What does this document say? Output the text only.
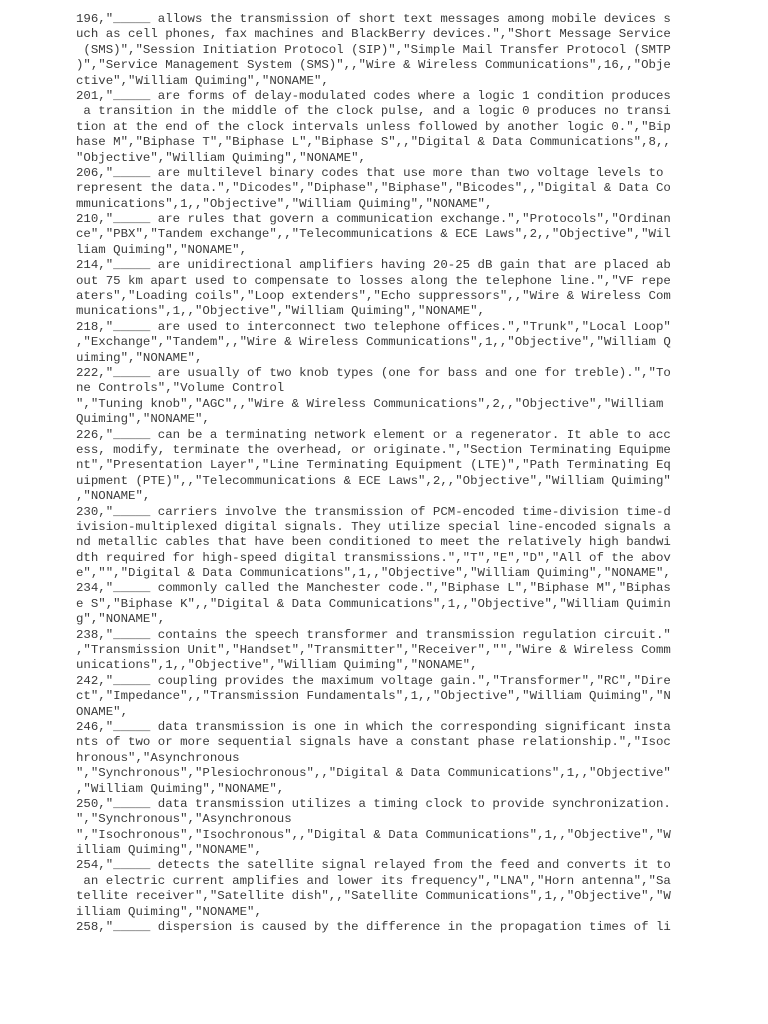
196,"_____ allows the transmission of short text messages among mobile devices s
uch as cell phones, fax machines and BlackBerry devices.","Short Message Service
(SMS)","Session Initiation Protocol (SIP)","Simple Mail Transfer Protocol (SMTP
)","Service Management System (SMS)",,"Wire & Wireless Communications",16,,"Obje
ctive","William Quiming","NONAME",
201,"_____ are forms of delay-modulated codes where a logic 1 condition produces
a transition in the middle of the clock pulse, and a logic 0 produces no transi
tion at the end of the clock intervals unless followed by another logic 0.","Bip
hase M","Biphase T","Biphase L","Biphase S",,"Digital & Data Communications",8,,
"Objective","William Quiming","NONAME",
206,"_____ are multilevel binary codes that use more than two voltage levels to
represent the data.","Dicodes","Diphase","Biphase","Bicodes",,"Digital & Data Co
mmunications",1,,"Objective","William Quiming","NONAME",
210,"_____ are rules that govern a communication exchange.","Protocols","Ordinan
ce","PBX","Tandem exchange",,"Telecommunications & ECE Laws",2,,"Objective","Wil
liam Quiming","NONAME",
214,"_____ are unidirectional amplifiers having 20-25 dB gain that are placed ab
out 75 km apart used to compensate to losses along the telephone line.","VF repe
aters","Loading coils","Loop extenders","Echo suppressors",,"Wire & Wireless Com
munications",1,,"Objective","William Quiming","NONAME",
218,"_____ are used to interconnect two telephone offices.","Trunk","Local Loop"
,"Exchange","Tandem",,"Wire & Wireless Communications",1,,"Objective","William Q
uiming","NONAME",
222,"_____ are usually of two knob types (one for bass and one for treble).","To
ne Controls","Volume Control
","Tuning knob","AGC",,"Wire & Wireless Communications",2,,"Objective","William
Quiming","NONAME",
226,"_____ can be a terminating network element or a regenerator. It able to acc
ess, modify, terminate the overhead, or originate.","Section Terminating Equipme
nt","Presentation Layer","Line Terminating Equipment (LTE)","Path Terminating Eq
uipment (PTE)",,"Telecommunications & ECE Laws",2,,"Objective","William Quiming"
,"NONAME",
230,"_____ carriers involve the transmission of PCM-encoded time-division time-d
ivision-multiplexed digital signals. They utilize special line-encoded signals a
nd metallic cables that have been conditioned to meet the relatively high bandwi
dth required for high-speed digital transmissions.","T","E","D","All of the abov
e","","Digital & Data Communications",1,,"Objective","William Quiming","NONAME",
234,"_____ commonly called the Manchester code.","Biphase L","Biphase M","Biphas
e S","Biphase K",,"Digital & Data Communications",1,,"Objective","William Quimin
g","NONAME",
238,"_____ contains the speech transformer and transmission regulation circuit."
,"Transmission Unit","Handset","Transmitter","Receiver","","Wire & Wireless Comm
unications",1,,"Objective","William Quiming","NONAME",
242,"_____ coupling provides the maximum voltage gain.","Transformer","RC","Dire
ct","Impedance",,"Transmission Fundamentals",1,,"Objective","William Quiming","N
ONAME",
246,"_____ data transmission is one in which the corresponding significant insta
nts of two or more sequential signals have a constant phase relationship.","Isoc
hronous","Asynchronous
","Synchronous","Plesiochronous",,"Digital & Data Communications",1,,"Objective"
,"William Quiming","NONAME",
250,"_____ data transmission utilizes a timing clock to provide synchronization.
","Synchronous","Asynchronous
","Isochronous","Isochronous",,"Digital & Data Communications",1,,"Objective","W
illiam Quiming","NONAME",
254,"_____ detects the satellite signal relayed from the feed and converts it to
an electric current amplifies and lower its frequency","LNA","Horn antenna","Sa
tellite receiver","Satellite dish",,"Satellite Communications",1,,"Objective","W
illiam Quiming","NONAME",
258,"_____ dispersion is caused by the difference in the propagation times of li
